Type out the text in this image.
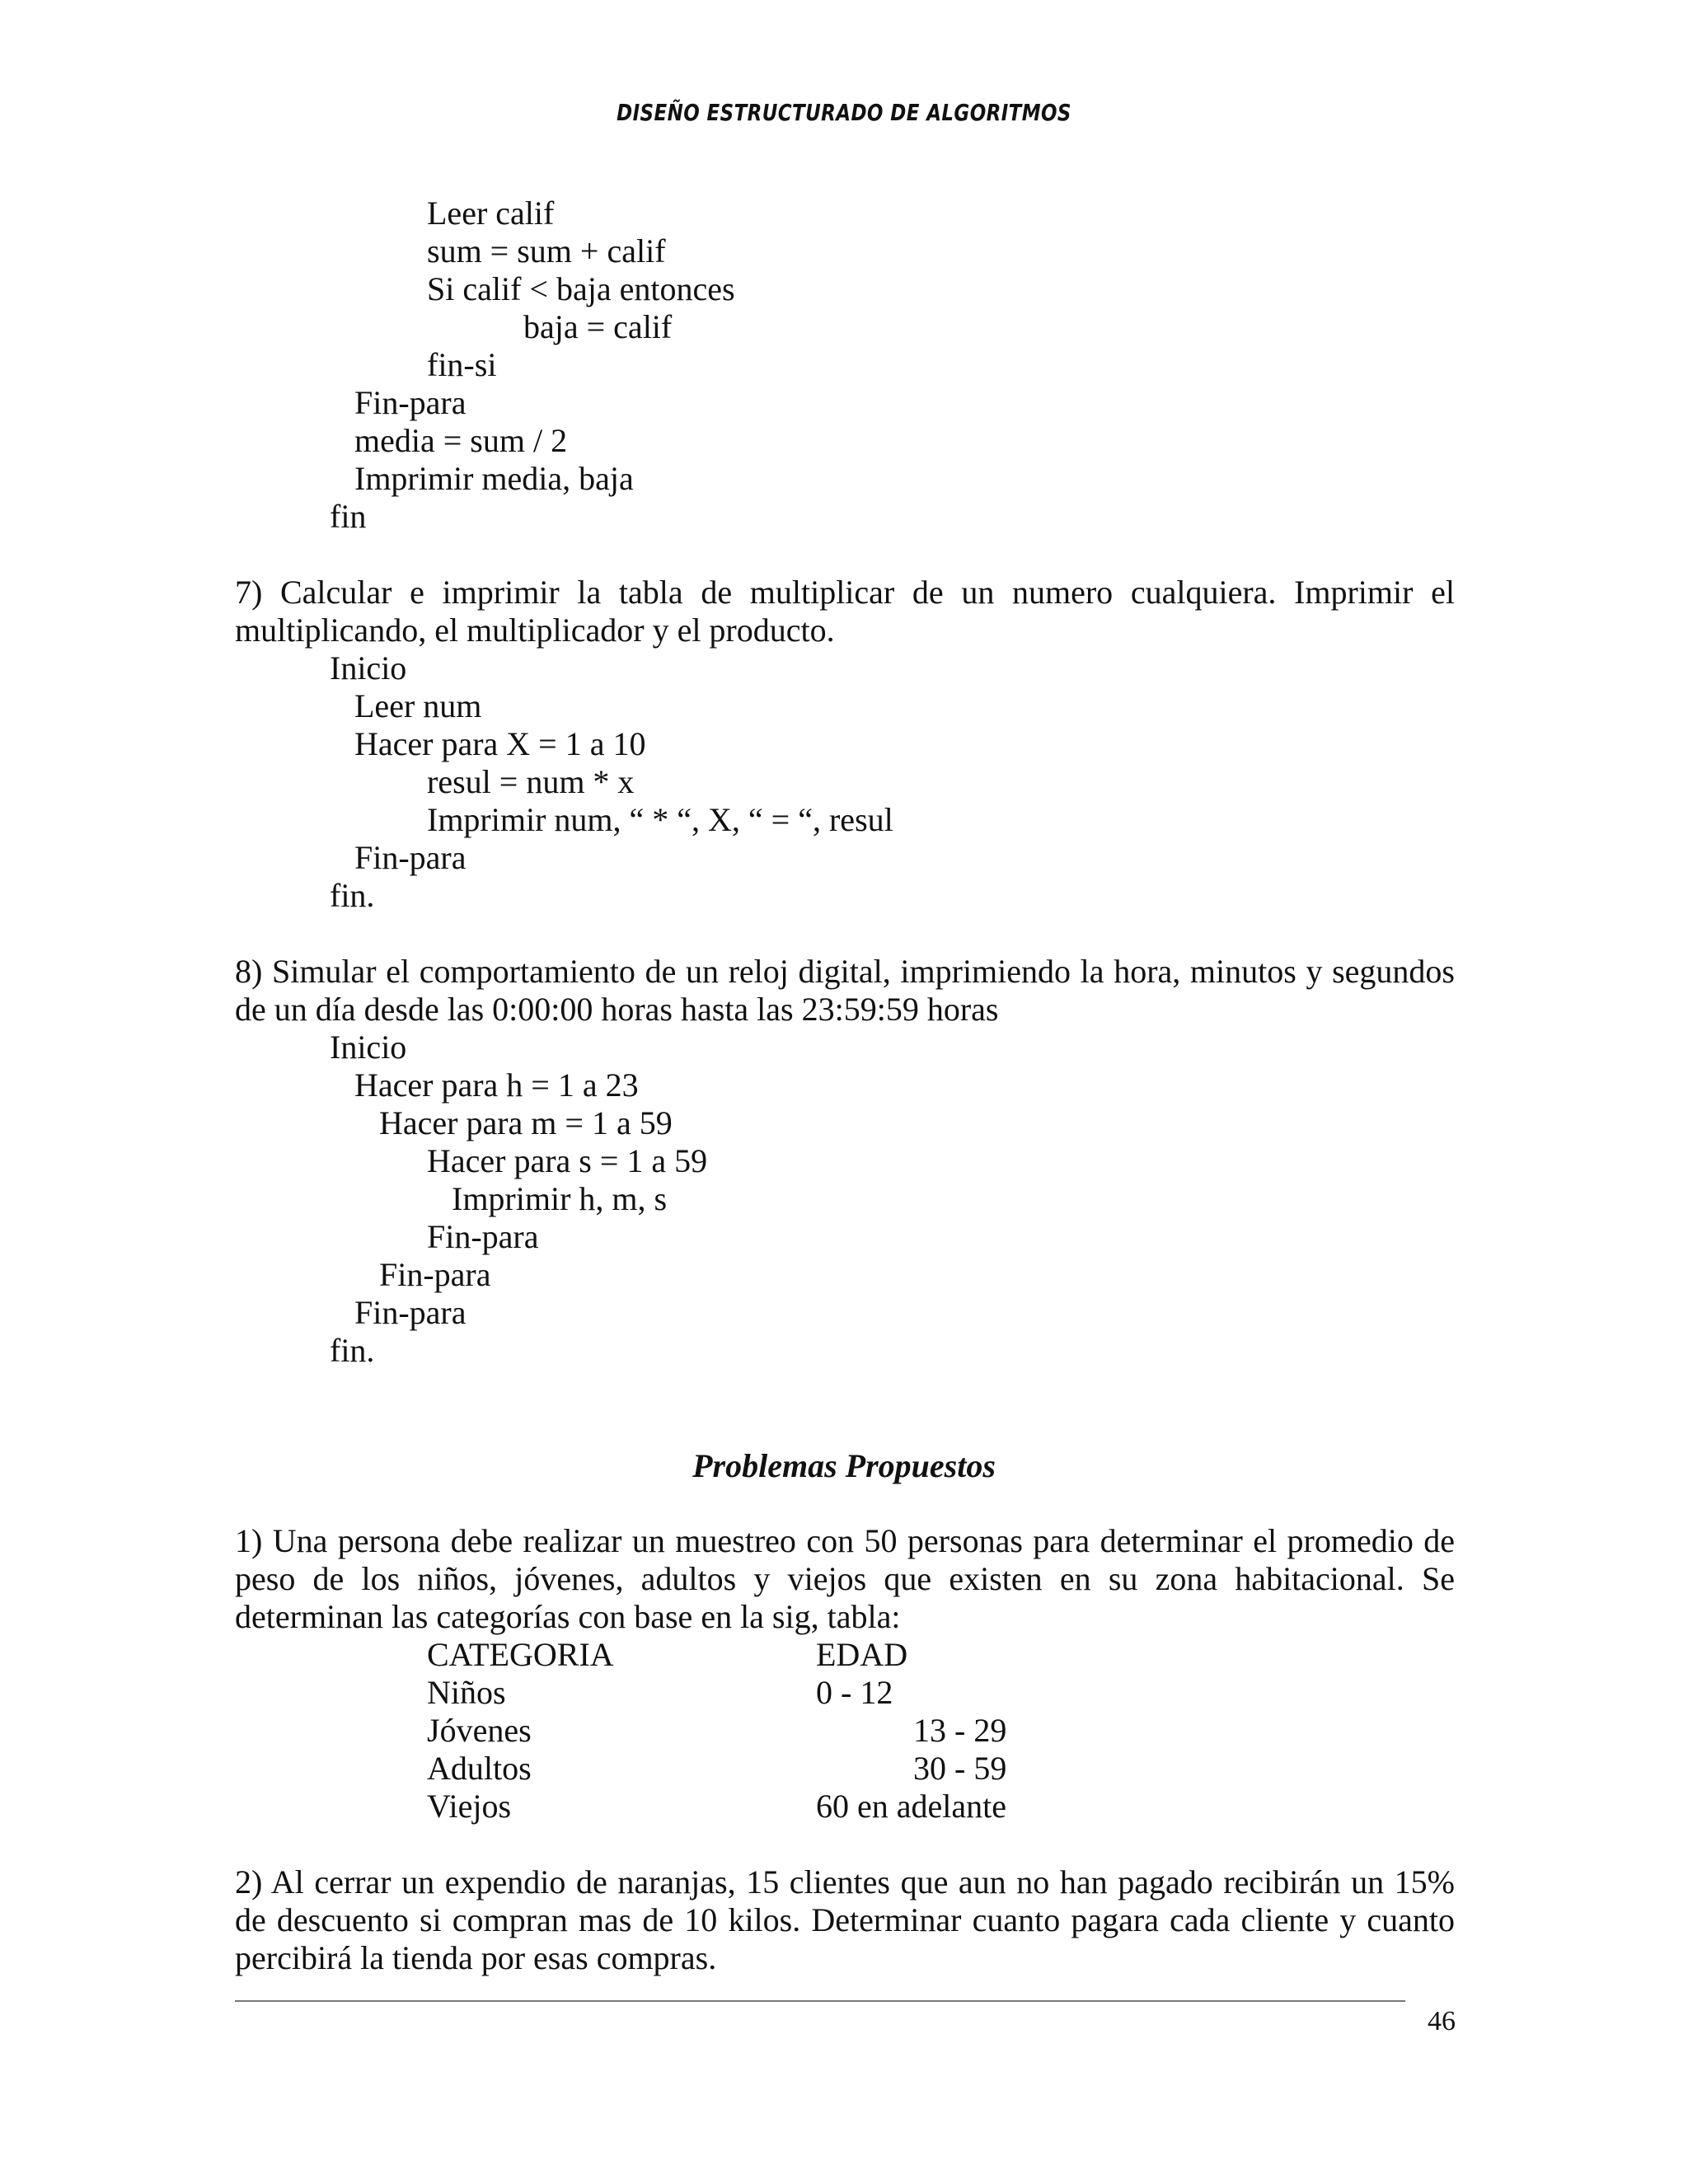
DISEÑO ESTRUCTURADO DE ALGORITMOS
Leer calif
sum = sum + calif
Si calif < baja entonces
baja = calif
fin-si
Fin-para
media = sum / 2
Imprimir media, baja
fin
7) Calcular e imprimir la tabla de multiplicar de un numero cualquiera. Imprimir el
multiplicando, el multiplicador y el producto.
Inicio
Leer num
Hacer para X = 1 a 10
resul = num * x
Imprimir num, “ * “, X, “ = “, resul
Fin-para
fin.
8) Simular el comportamiento de un reloj digital, imprimiendo la hora, minutos y segundos
de un día desde las 0:00:00 horas hasta las 23:59:59 horas
Inicio
Hacer para h = 1 a 23
Hacer para m = 1 a 59
Hacer para s = 1 a 59
Imprimir h, m, s
Fin-para
Fin-para
Fin-para
fin.
Problemas Propuestos
1) Una persona debe realizar un muestreo con 50 personas para determinar el promedio de
peso de los niños, jóvenes, adultos y viejos que existen en su zona habitacional. Se
determinan las categorías con base en la sig, tabla:
CATEGORIA	EDAD
Niños	0 - 12
Jóvenes	13 - 29
Adultos	30 - 59
Viejos	60 en adelante
2) Al cerrar un expendio de naranjas, 15 clientes que aun no han pagado recibirán un 15%
de descuento si compran mas de 10 kilos. Determinar cuanto pagara cada cliente y cuanto
percibirá la tienda por esas compras.
46
